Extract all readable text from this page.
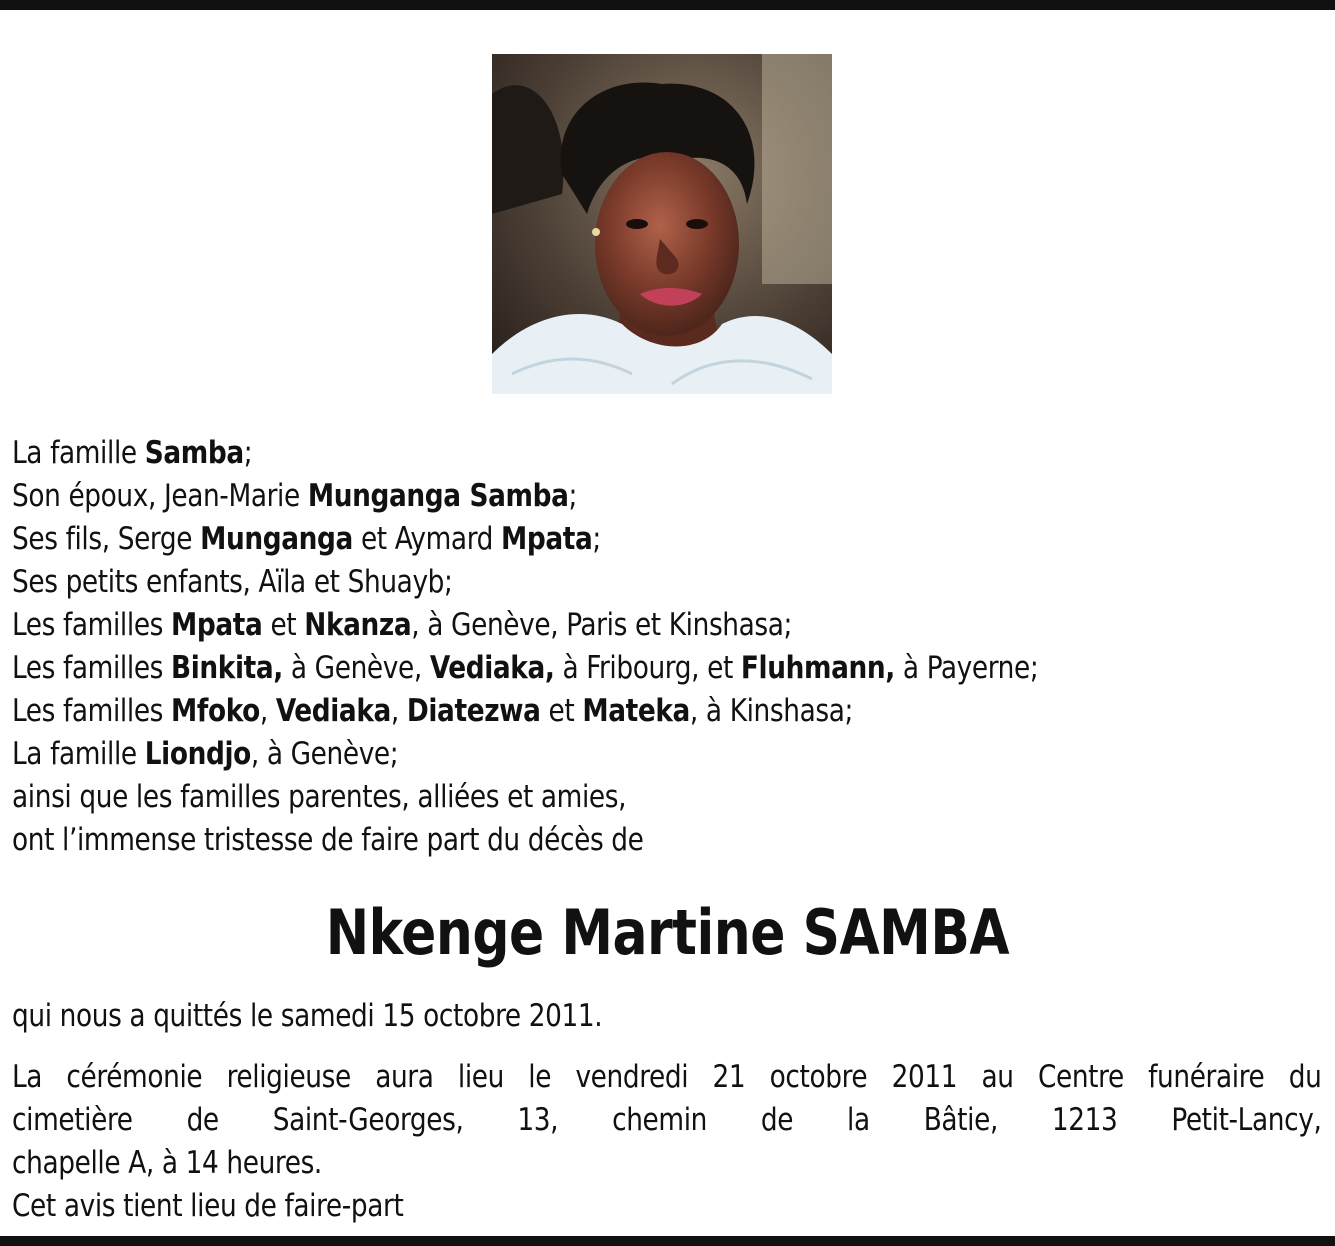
La famille Samba;
Son époux, Jean-Marie Munganga Samba;
Ses fils, Serge Munganga et Aymard Mpata;
Ses petits enfants, Aïla et Shuayb;
Les familles Mpata et Nkanza, à Genève, Paris et Kinshasa;
Les familles Binkita, à Genève, Vediaka, à Fribourg, et Fluhmann, à Payerne;
Les familles Mfoko, Vediaka, Diatezwa et Mateka, à Kinshasa;
La famille Liondjo, à Genève;
ainsi que les familles parentes, alliées et amies,
ont l’immense tristesse de faire part du décès de
Nkenge Martine SAMBA
qui nous a quittés le samedi 15 octobre 2011.

La cérémonie religieuse aura lieu le vendredi 21 octobre 2011 au Centre funéraire du

cimetière de Saint-Georges, 13, chemin de la Bâtie, 1213 Petit-Lancy,

chapelle A, à 14 heures.

Cet avis tient lieu de faire-part
